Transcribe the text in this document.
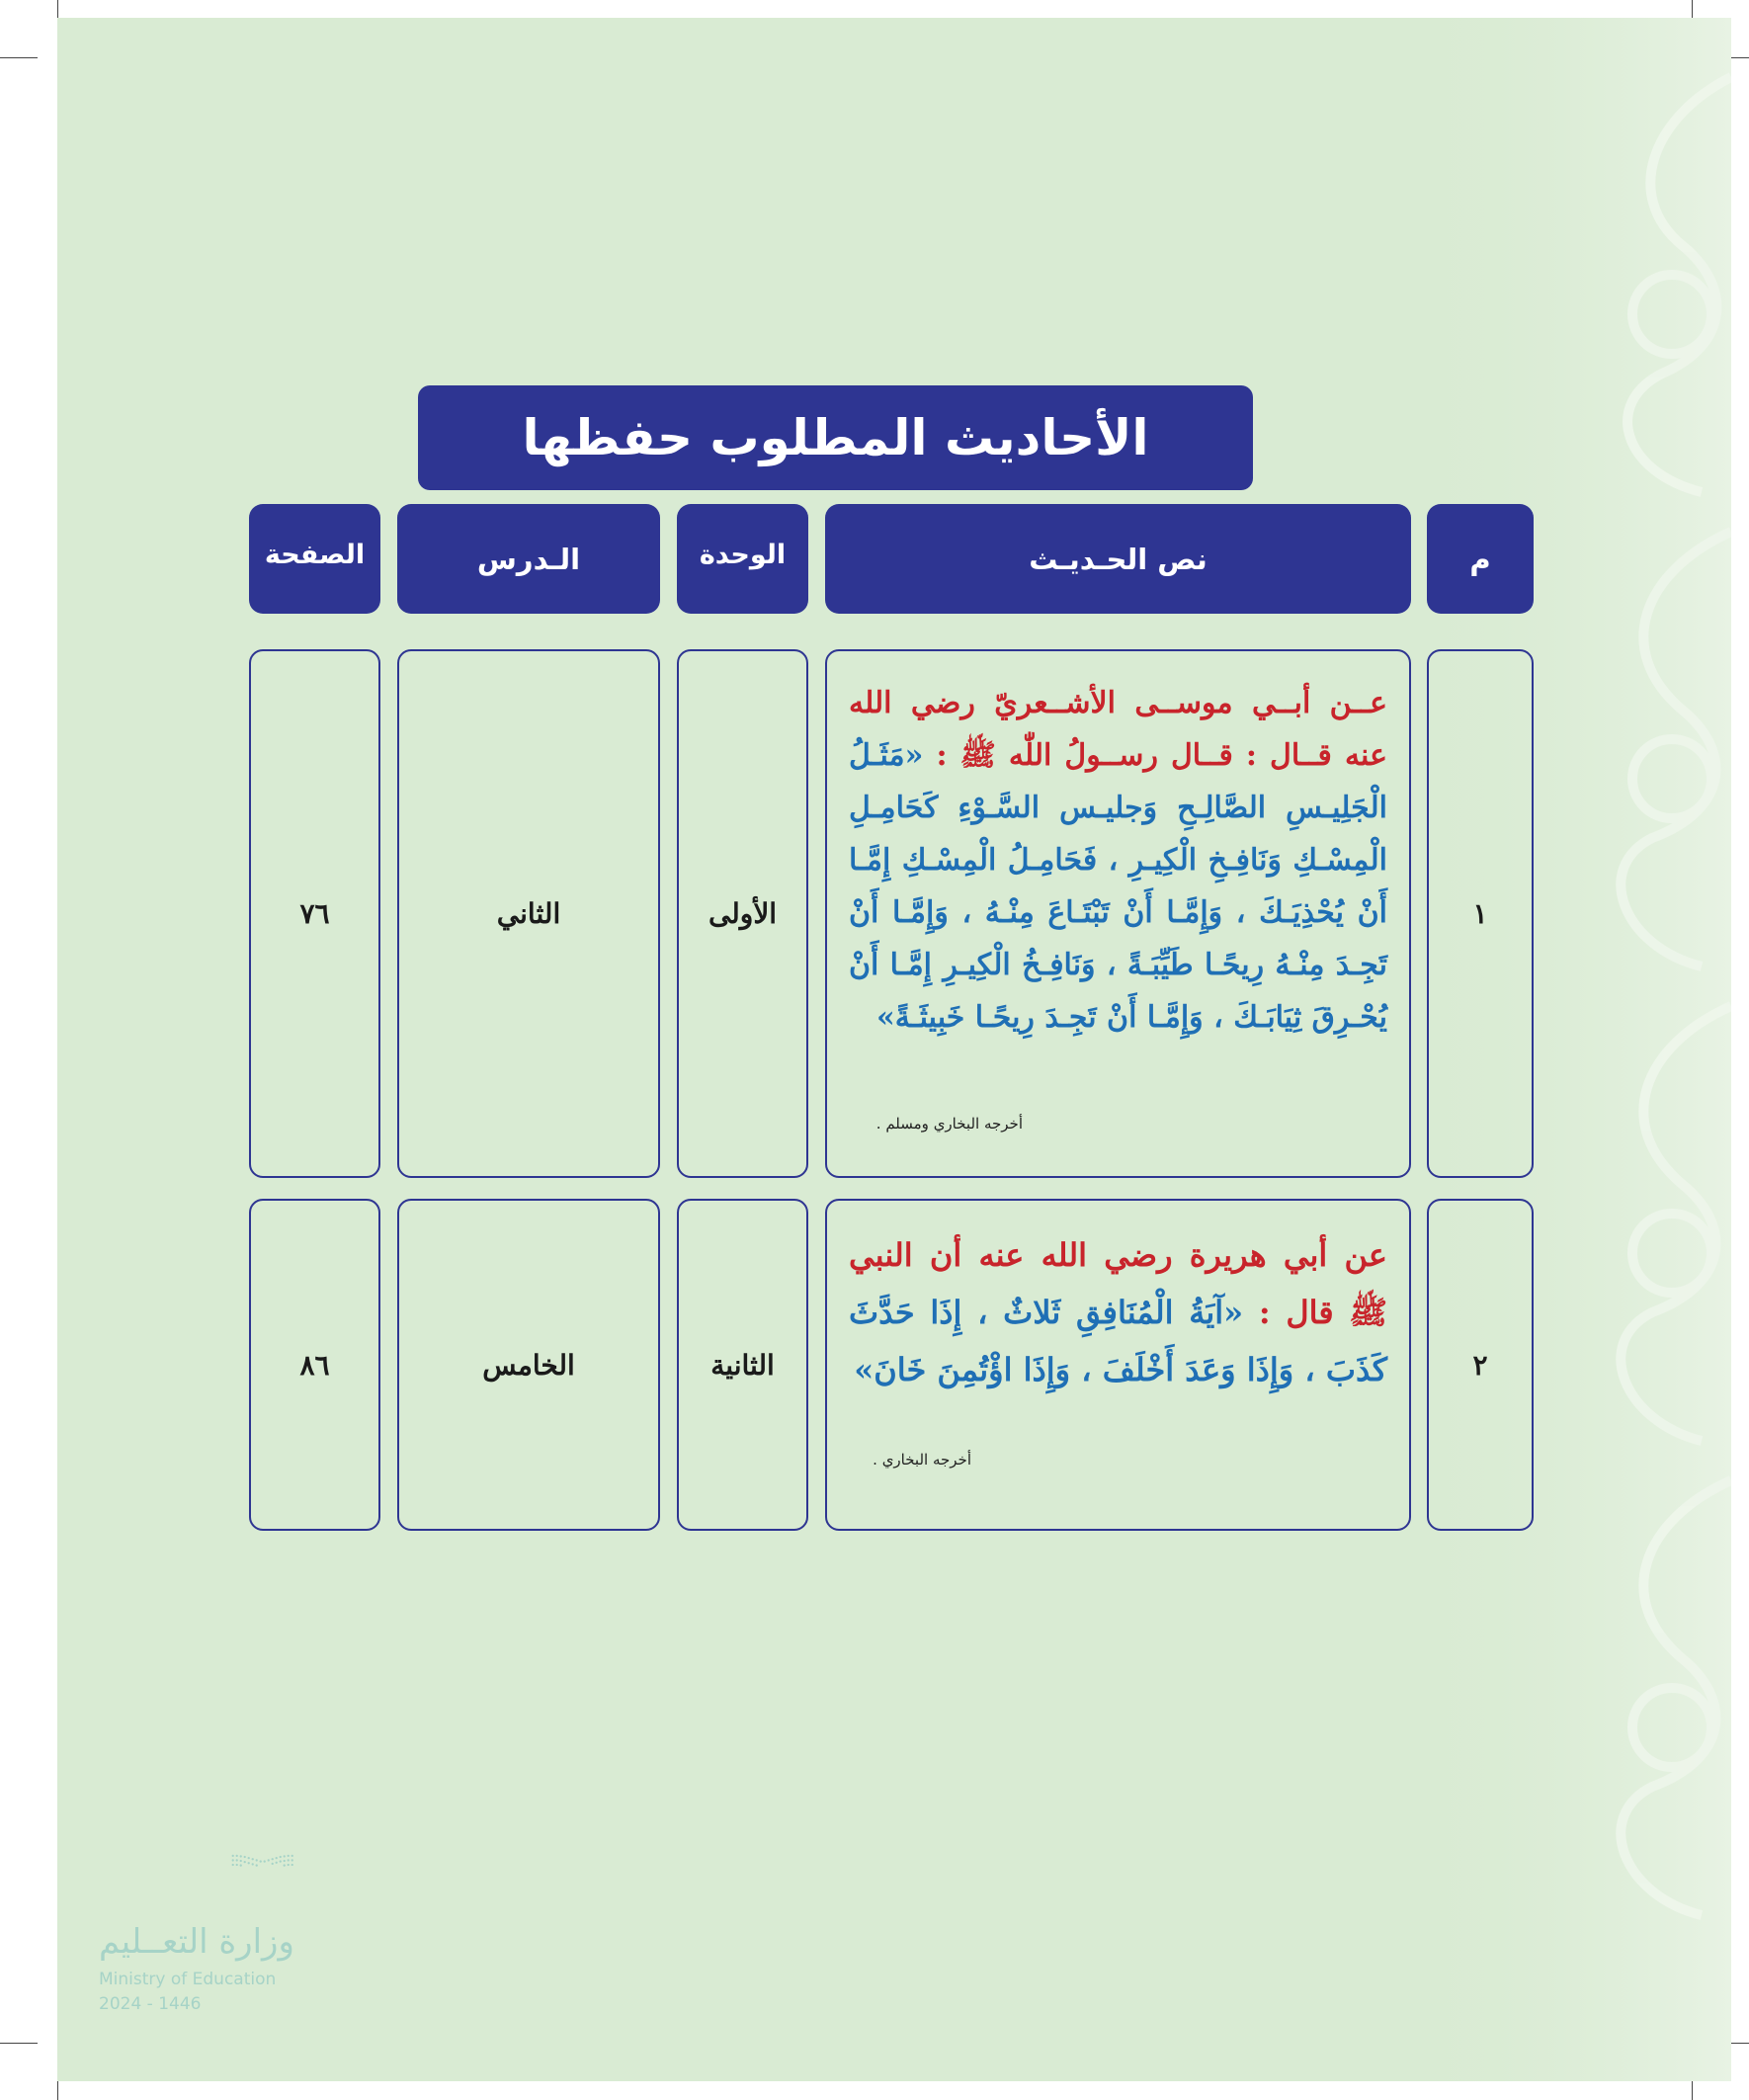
الأحاديث المطلوب حفظها
م
نص الحـديـث
الوحدة
الـدرس
الصفحة
١

عــن أبــي موســى الأشــعريّ رضي الله عنه قــال : قــال رســولُ اللّٰه ﷺ : «مَثَـلُ الْجَلِيـسِ الصَّالِـحِ وَجليـس السَّـوْءِ كَحَامِـلِ الْمِسْـكِ وَنَافِـخِ الْكِيـرِ ، فَحَامِـلُ الْمِسْـكِ إِمَّـا أَنْ يُحْذِيَـكَ ، وَإِمَّـا أَنْ تَبْتَـاعَ مِنْـهُ ، وَإِمَّـا أَنْ تَجِـدَ مِنْـهُ رِيحًـا طَيِّبَـةً ، وَنَافِـخُ الْكِيـرِ إِمَّـا أَنْ يُحْـرِقَ ثِيَابَـكَ ، وَإِمَّـا أَنْ تَجِـدَ رِيحًـا خَبِيثَـةً»

أخرجه البخاري ومسلم .
الأولى
الثاني
٧٦
٢

عن أبي هريرة رضي الله عنه أن النبي ﷺ قال : «آيَةُ الْمُنَافِقِ ثَلاثٌ ، إِذَا حَدَّثَ كَذَبَ ، وَإِذَا وَعَدَ أَخْلَفَ ، وَإِذَا اؤْتُمِنَ خَانَ»

أخرجه البخاري .
الثانية
الخامس
٨٦
وزارة التعــليم
Ministry of Education
2024 - 1446
